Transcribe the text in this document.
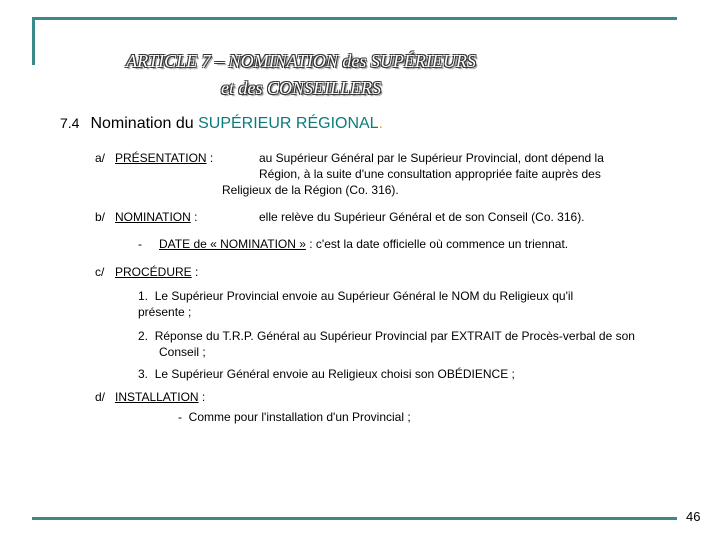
ARTICLE 7 – NOMINATION des SUPÉRIEURS
et des CONSEILLERS
7.4 Nomination du SUPÉRIEUR RÉGIONAL.
a/ PRÉSENTATION :	au Supérieur Général par le Supérieur Provincial, dont dépend la
Région, à la suite d'une consultation appropriée faite auprès des
Religieux de la Région (Co. 316).
b/ NOMINATION :	elle relève du Supérieur Général et de son Conseil (Co. 316).
- DATE de « NOMINATION » : c'est la date officielle où commence un triennat.
c/ PROCÉDURE :
1. Le Supérieur Provincial envoie au Supérieur Général le NOM du Religieux qu'il
présente ;
2. Réponse du T.R.P. Général au Supérieur Provincial par EXTRAIT de Procès-verbal de son
Conseil ;
3. Le Supérieur Général envoie au Religieux choisi son OBÉDIENCE ;
d/ INSTALLATION :
- Comme pour l'installation d'un Provincial ;
46
